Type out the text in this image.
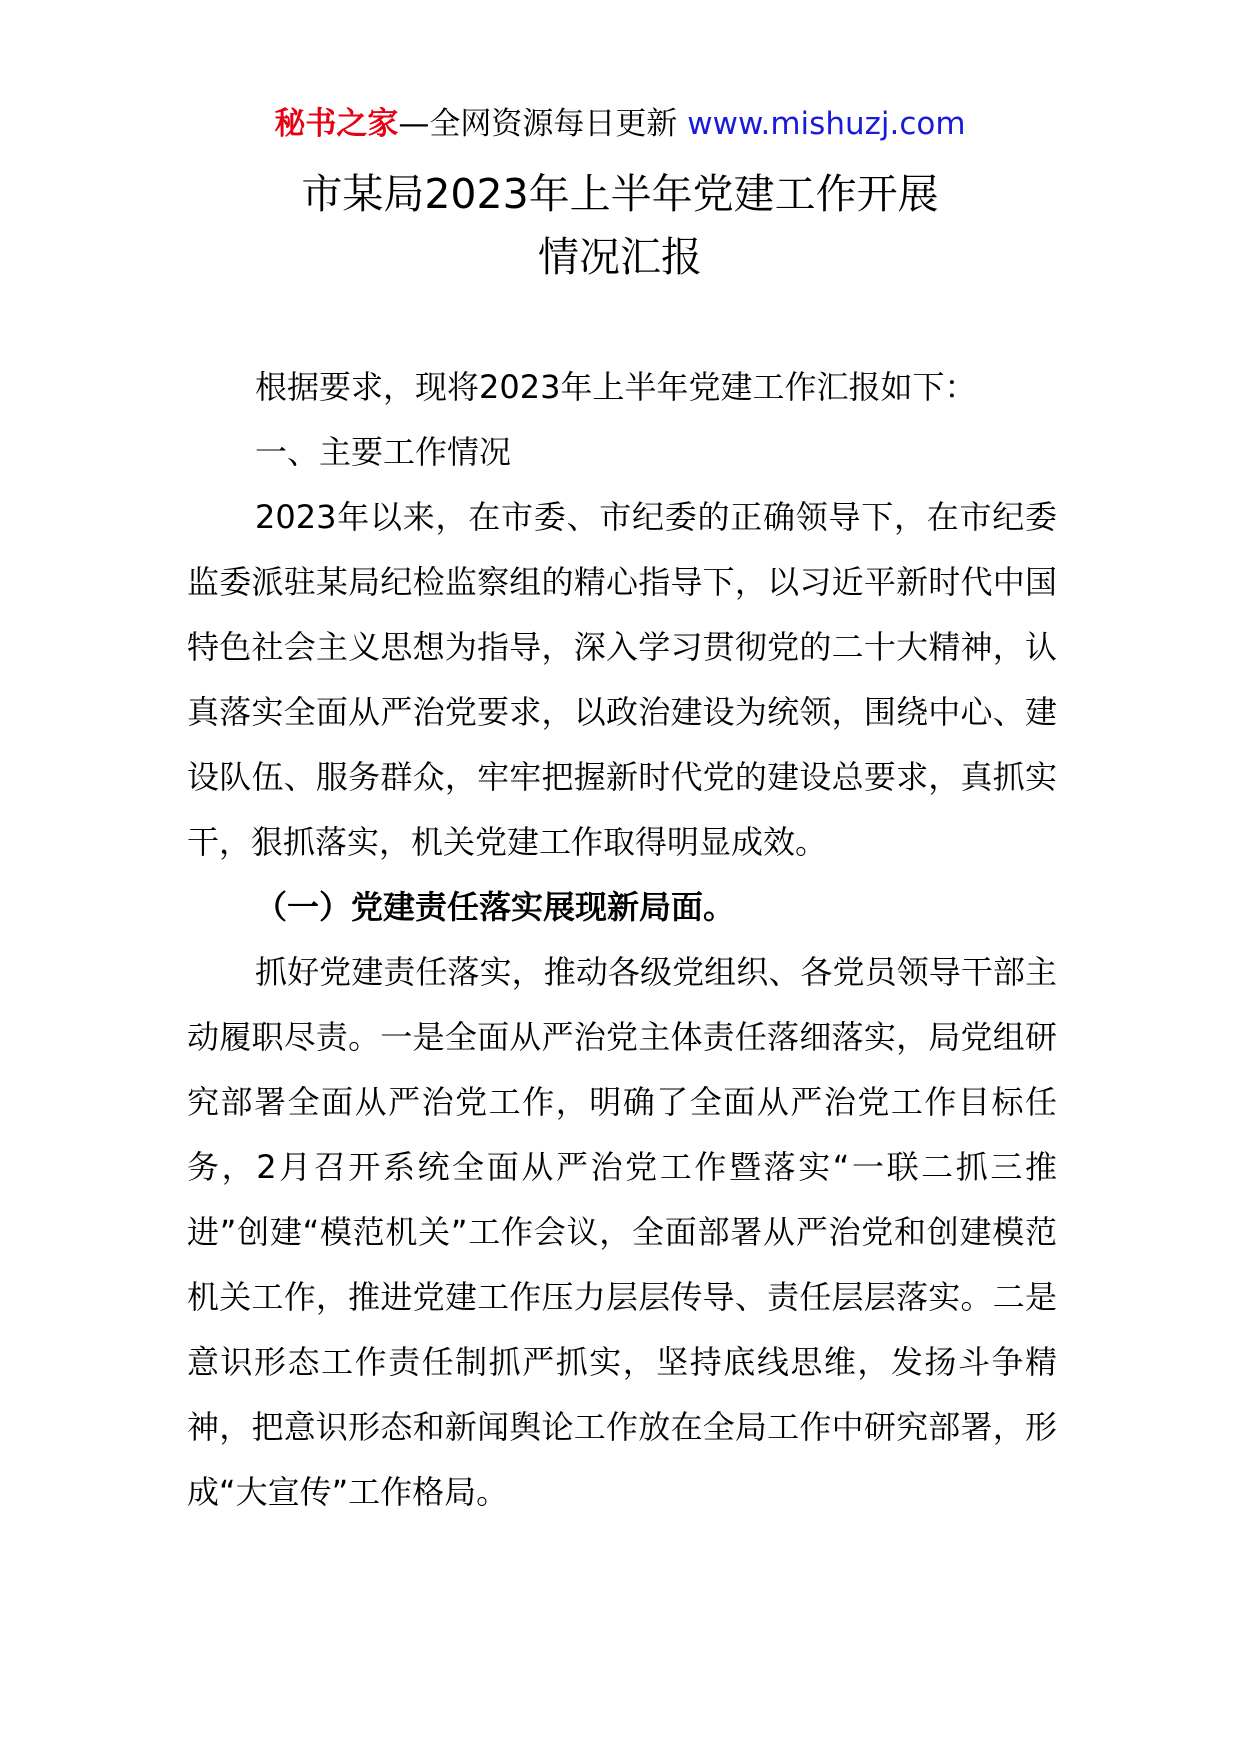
秘书之家—全网资源每日更新 www.mishuzj.com
市某局2023年上半年党建工作开展
情况汇报

根据要求，现将2023年上半年党建工作汇报如下：

一、主要工作情况

2023年以来，在市委、市纪委的正确领导下，在市纪委监委派驻某局纪检监察组的精心指导下，以习近平新时代中国特色社会主义思想为指导，深入学习贯彻党的二十大精神，认真落实全面从严治党要求，以政治建设为统领，围绕中心、建设队伍、服务群众，牢牢把握新时代党的建设总要求，真抓实干，狠抓落实，机关党建工作取得明显成效。

（一）党建责任落实展现新局面。

抓好党建责任落实，推动各级党组织、各党员领导干部主动履职尽责。一是全面从严治党主体责任落细落实，局党组研究部署全面从严治党工作，明确了全面从严治党工作目标任务，2月召开系统全面从严治党工作暨落实“一联二抓三推进”创建“模范机关”工作会议，全面部署从严治党和创建模范机关工作，推进党建工作压力层层传导、责任层层落实。二是意识形态工作责任制抓严抓实，坚持底线思维，发扬斗争精神，把意识形态和新闻舆论工作放在全局工作中研究部署，形成“大宣传”工作格局。
